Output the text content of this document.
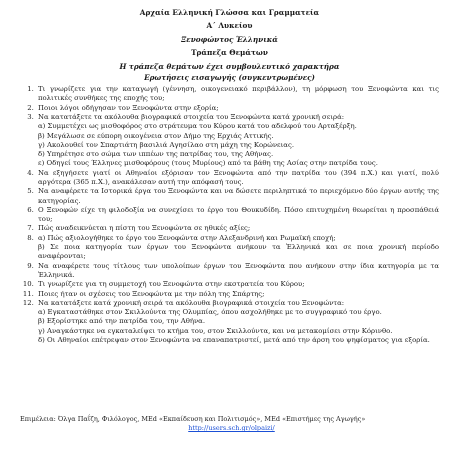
Αρχαία Ελληνική Γλώσσα και Γραμματεία
Α΄ Λυκείου
Ξενοφώντος Ἑλληνικά
Τράπεζα Θεμάτων
Η τράπεζα θεμάτων έχει συμβουλευτικό χαρακτήρα
Ερωτήσεις εισαγωγής (συγκεντρωμένες)
1. Τι γνωρίζετε για την καταγωγή (γέννηση, οικογενειακό περιβάλλον), τη μόρφωση του Ξενοφώντα και τις πολιτικές συνθήκες της εποχής του;
2. Ποιοι λόγοι οδήγησαν τον Ξενοφώντα στην εξορία;
3. Να κατατάξετε τα ακόλουθα βιογραφικά στοιχεία του Ξενοφώντα κατά χρονική σειρά:
α) Συμμετέχει ως μισθοφόρος στο στράτευμα του Κύρου κατά του αδελφού του Αρταξέρξη.
β) Μεγάλωσε σε εύπορη οικογένεια στον Δήμο της Ερχιάς Αττικής.
γ) Ακολουθεί τον Σπαρτιάτη βασιλιά Αγησίλαο στη μάχη της Κορώνειας.
δ) Υπηρέτησε στο σώμα των ιππέων της πατρίδας του, της Αθήνας.
ε) Οδηγεί τους Έλληνες μισθοφόρους (τους Μυρίους) από τα βάθη της Ασίας στην πατρίδα τους.
4. Να εξηγήσετε γιατί οι Αθηναίοι εξόρισαν τον Ξενοφώντα από την πατρίδα του (394 π.Χ.) και γιατί, πολύ αργότερα (365 π.Χ.), ανακάλεσαν αυτή την απόφασή τους.
5. Να αναφέρετε τα Ιστορικά έργα του Ξενοφώντα και να δώσετε περιληπτικά το περιεχόμενο δύο έργων αυτής της κατηγορίας.
6. Ο Ξενοφών είχε τη φιλοδοξία να συνεχίσει το έργο του Θουκυδίδη. Πόσο επιτυχημένη θεωρείται η προσπάθειά του;
7. Πώς αναδεικνύεται η πίστη του Ξενοφώντα σε ηθικές αξίες;
8. α) Πώς αξιολογήθηκε το έργο του Ξενοφώντα στην Αλεξανδρινή και Ρωμαϊκή εποχή;
β) Σε ποια κατηγορία των έργων του Ξενοφώντα ανήκουν τα Ἑλληνικά και σε ποια χρονική περίοδο αναφέρονται;
9. Να αναφέρετε τους τίτλους των υπολοίπων έργων του Ξενοφώντα που ανήκουν στην ίδια κατηγορία με τα Ἑλληνικά.
10. Τι γνωρίζετε για τη συμμετοχή του Ξενοφώντα στην εκστρατεία του Κύρου;
11. Ποιες ήταν οι σχέσεις του Ξενοφώντα με την πόλη της Σπάρτης;
12. Να κατατάξετε κατά χρονική σειρά τα ακόλουθα βιογραφικά στοιχεία του Ξενοφώντα:
α) Εγκαταστάθηκε στον Σκιλλούντα της Ολυμπίας, όπου ασχολήθηκε με το συγγραφικό του έργο.
β) Εξορίστηκε από την πατρίδα του, την Αθήνα.
γ) Αναγκάστηκε να εγκαταλείψει το κτήμα του, στον Σκιλλούντα, και να μετακομίσει στην Κόρινθο.
δ) Οι Αθηναίοι επέτρεψαν στον Ξενοφώντα να επαναπατριστεί, μετά από την άρση του ψηφίσματος για εξορία.
Επιμέλεια: Όλγα Παΐζη, Φιλόλογος, MEd «Εκπαίδευση και Πολιτισμός», MEd «Επιστήμες της Αγωγής»
http://users.sch.gr/olpaizi/
